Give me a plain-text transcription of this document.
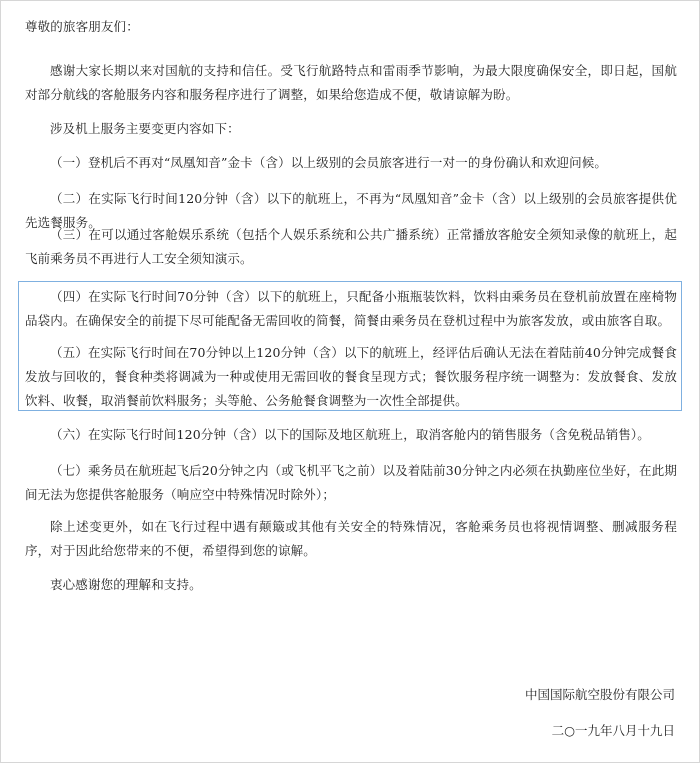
尊敬的旅客朋友们：

感谢大家长期以来对国航的支持和信任。受飞行航路特点和雷雨季节影响，为最大限度确保安全，即日起，国航对部分航线的客舱服务内容和服务程序进行了调整，如果给您造成不便，敬请谅解为盼。

涉及机上服务主要变更内容如下：

（一）登机后不再对“凤凰知音”金卡（含）以上级别的会员旅客进行一对一的身份确认和欢迎问候。

（二）在实际飞行时间120分钟（含）以下的航班上，不再为“凤凰知音”金卡（含）以上级别的会员旅客提供优先选餐服务。

（三）在可以通过客舱娱乐系统（包括个人娱乐系统和公共广播系统）正常播放客舱安全须知录像的航班上，起飞前乘务员不再进行人工安全须知演示。

（四）在实际飞行时间70分钟（含）以下的航班上，只配备小瓶瓶装饮料，饮料由乘务员在登机前放置在座椅物品袋内。在确保安全的前提下尽可能配备无需回收的简餐，简餐由乘务员在登机过程中为旅客发放，或由旅客自取。

（五）在实际飞行时间在70分钟以上120分钟（含）以下的航班上，经评估后确认无法在着陆前40分钟完成餐食发放与回收的，餐食种类将调减为一种或使用无需回收的餐食呈现方式；餐饮服务程序统一调整为：发放餐食、发放饮料、收餐，取消餐前饮料服务；头等舱、公务舱餐食调整为一次性全部提供。

（六）在实际飞行时间120分钟（含）以下的国际及地区航班上，取消客舱内的销售服务（含免税品销售）。

（七）乘务员在航班起飞后20分钟之内（或飞机平飞之前）以及着陆前30分钟之内必须在执勤座位坐好，在此期间无法为您提供客舱服务（响应空中特殊情况时除外）；

除上述变更外，如在飞行过程中遇有颠簸或其他有关安全的特殊情况，客舱乘务员也将视情调整、删减服务程序，对于因此给您带来的不便，希望得到您的谅解。

衷心感谢您的理解和支持。

中国国际航空股份有限公司

二○一九年八月十九日
